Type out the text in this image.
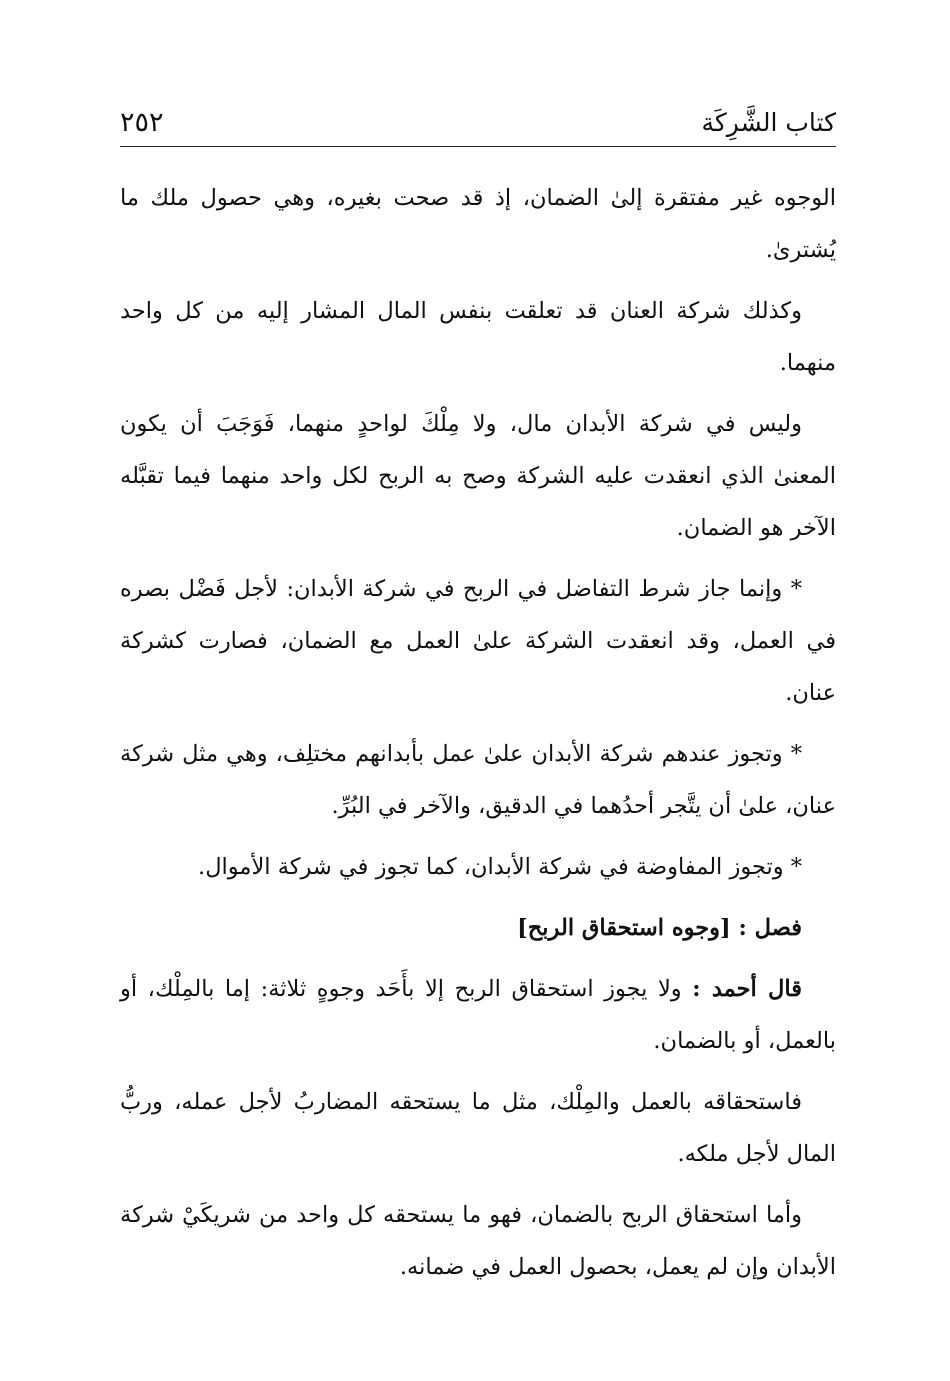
كتاب الشَّرِكَة
٢٥٢

الوجوه غير مفتقرة إلىٰ الضمان، إذ قد صحت بغيره، وهي حصول ملك ما يُشترىٰ.

وكذلك شركة العنان قد تعلقت بنفس المال المشار إليه من كل واحد منهما.

وليس في شركة الأبدان مال، ولا مِلْكَ لواحدٍ منهما، فَوَجَبَ أن يكون المعنىٰ الذي انعقدت عليه الشركة وصح به الربح لكل واحد منهما فيما تقبَّله الآخر هو الضمان.

* وإنما جاز شرط التفاضل في الربح في شركة الأبدان: لأجل فَضْل بصره في العمل، وقد انعقدت الشركة علىٰ العمل مع الضمان، فصارت كشركة عنان.

* وتجوز عندهم شركة الأبدان علىٰ عمل بأبدانهم مختلِف، وهي مثل شركة عنان، علىٰ أن يتَّجر أحدُهما في الدقيق، والآخر في البُرِّ.

* وتجوز المفاوضة في شركة الأبدان، كما تجوز في شركة الأموال.

فصل : [وجوه استحقاق الربح]

قال أحمد : ولا يجوز استحقاق الربح إلا بأَحَد وجوهٍ ثلاثة: إما بالمِلْك، أو بالعمل، أو بالضمان.

فاستحقاقه بالعمل والمِلْك، مثل ما يستحقه المضاربُ لأجل عمله، وربُّ المال لأجل ملكه.

وأما استحقاق الربح بالضمان، فهو ما يستحقه كل واحد من شريكَيْ شركة الأبدان وإن لم يعمل، بحصول العمل في ضمانه.
